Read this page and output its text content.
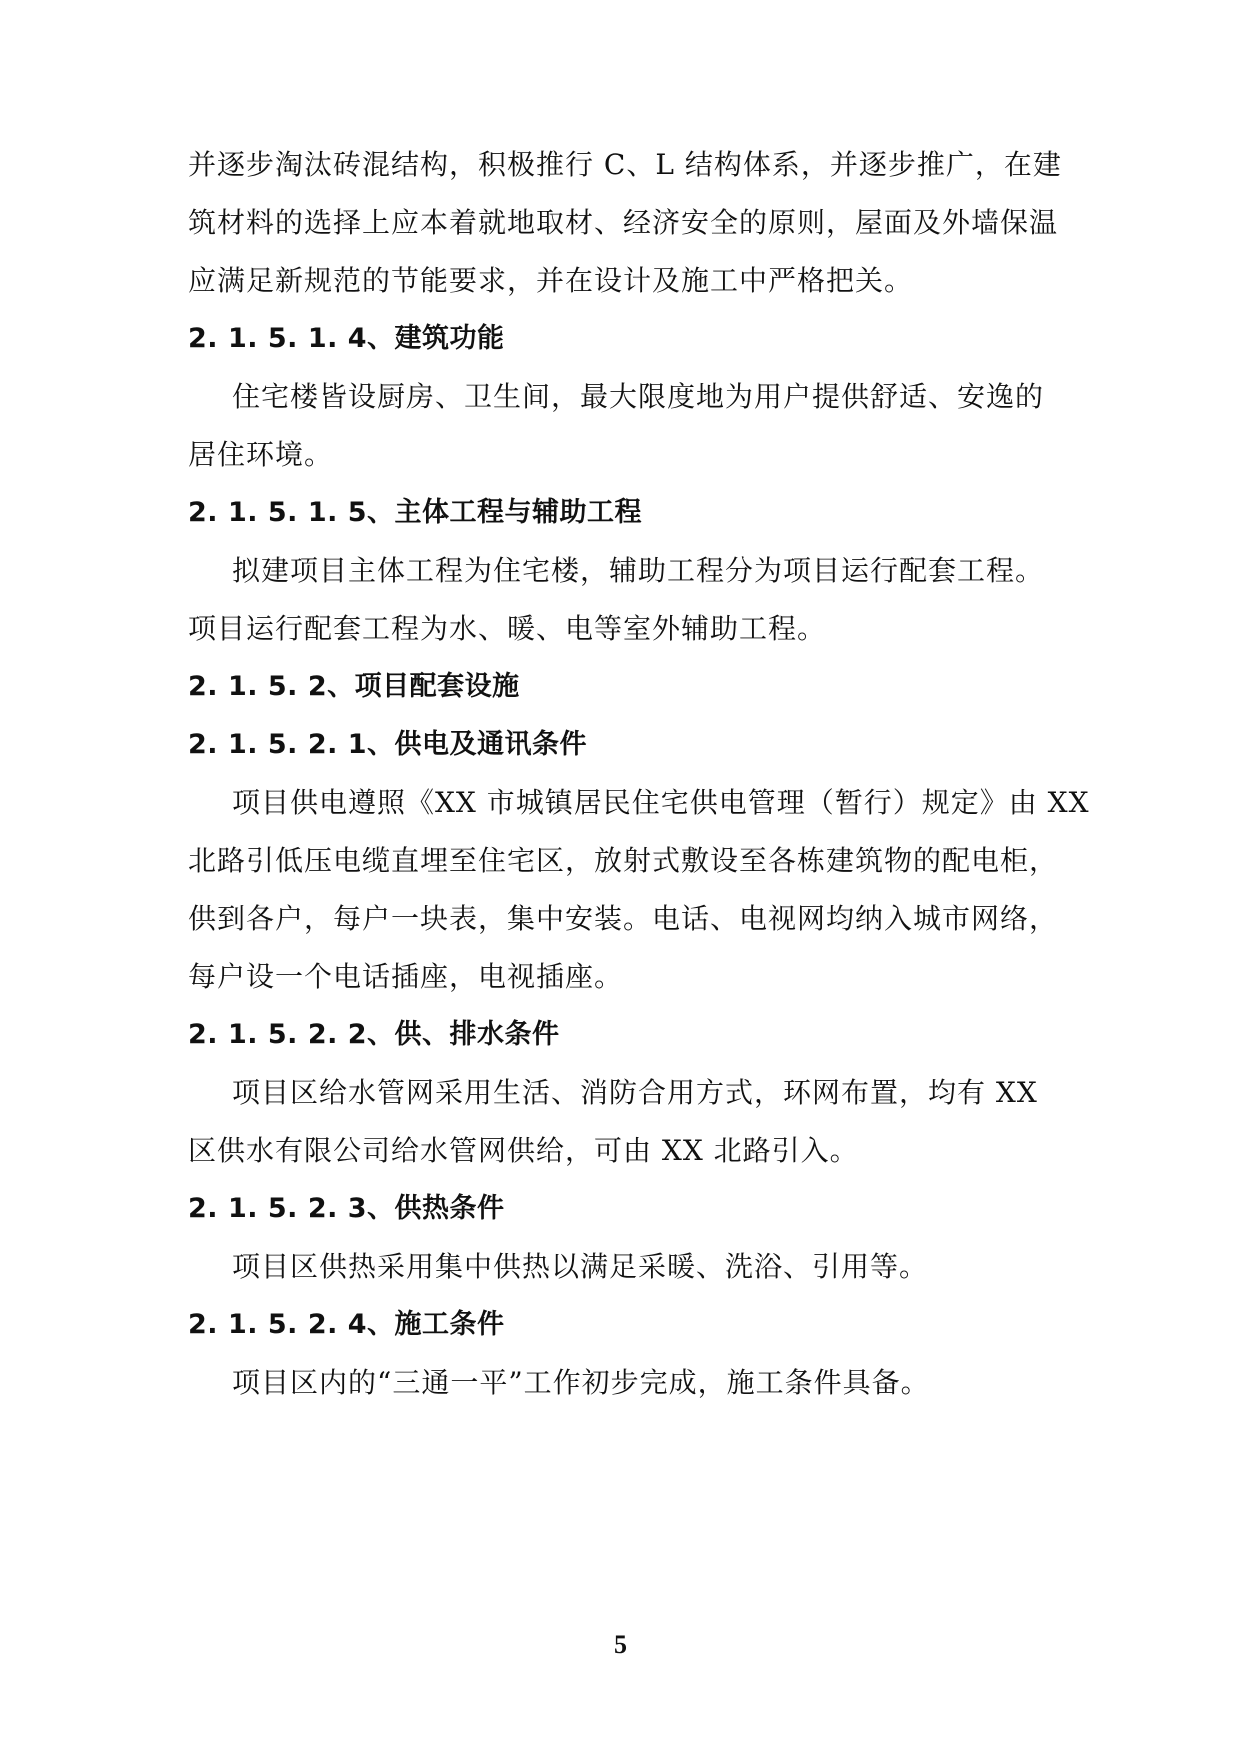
并逐步淘汰砖混结构，积极推行 C、L 结构体系，并逐步推广，在建
筑材料的选择上应本着就地取材、经济安全的原则，屋面及外墙保温
应满足新规范的节能要求，并在设计及施工中严格把关。
2. 1. 5. 1. 4、建筑功能
住宅楼皆设厨房、卫生间，最大限度地为用户提供舒适、安逸的
居住环境。
2. 1. 5. 1. 5、主体工程与辅助工程
拟建项目主体工程为住宅楼，辅助工程分为项目运行配套工程。
项目运行配套工程为水、暖、电等室外辅助工程。
2. 1. 5. 2、项目配套设施
2. 1. 5. 2. 1、供电及通讯条件
项目供电遵照《XX 市城镇居民住宅供电管理（暂行）规定》由 XX
北路引低压电缆直埋至住宅区，放射式敷设至各栋建筑物的配电柜，
供到各户，每户一块表，集中安装。电话、电视网均纳入城市网络，
每户设一个电话插座，电视插座。
2. 1. 5. 2. 2、供、排水条件
项目区给水管网采用生活、消防合用方式，环网布置，均有 XX
区供水有限公司给水管网供给，可由 XX 北路引入。
2. 1. 5. 2. 3、供热条件
项目区供热采用集中供热以满足采暖、洗浴、引用等。
2. 1. 5. 2. 4、施工条件
项目区内的“三通一平”工作初步完成，施工条件具备。
5
